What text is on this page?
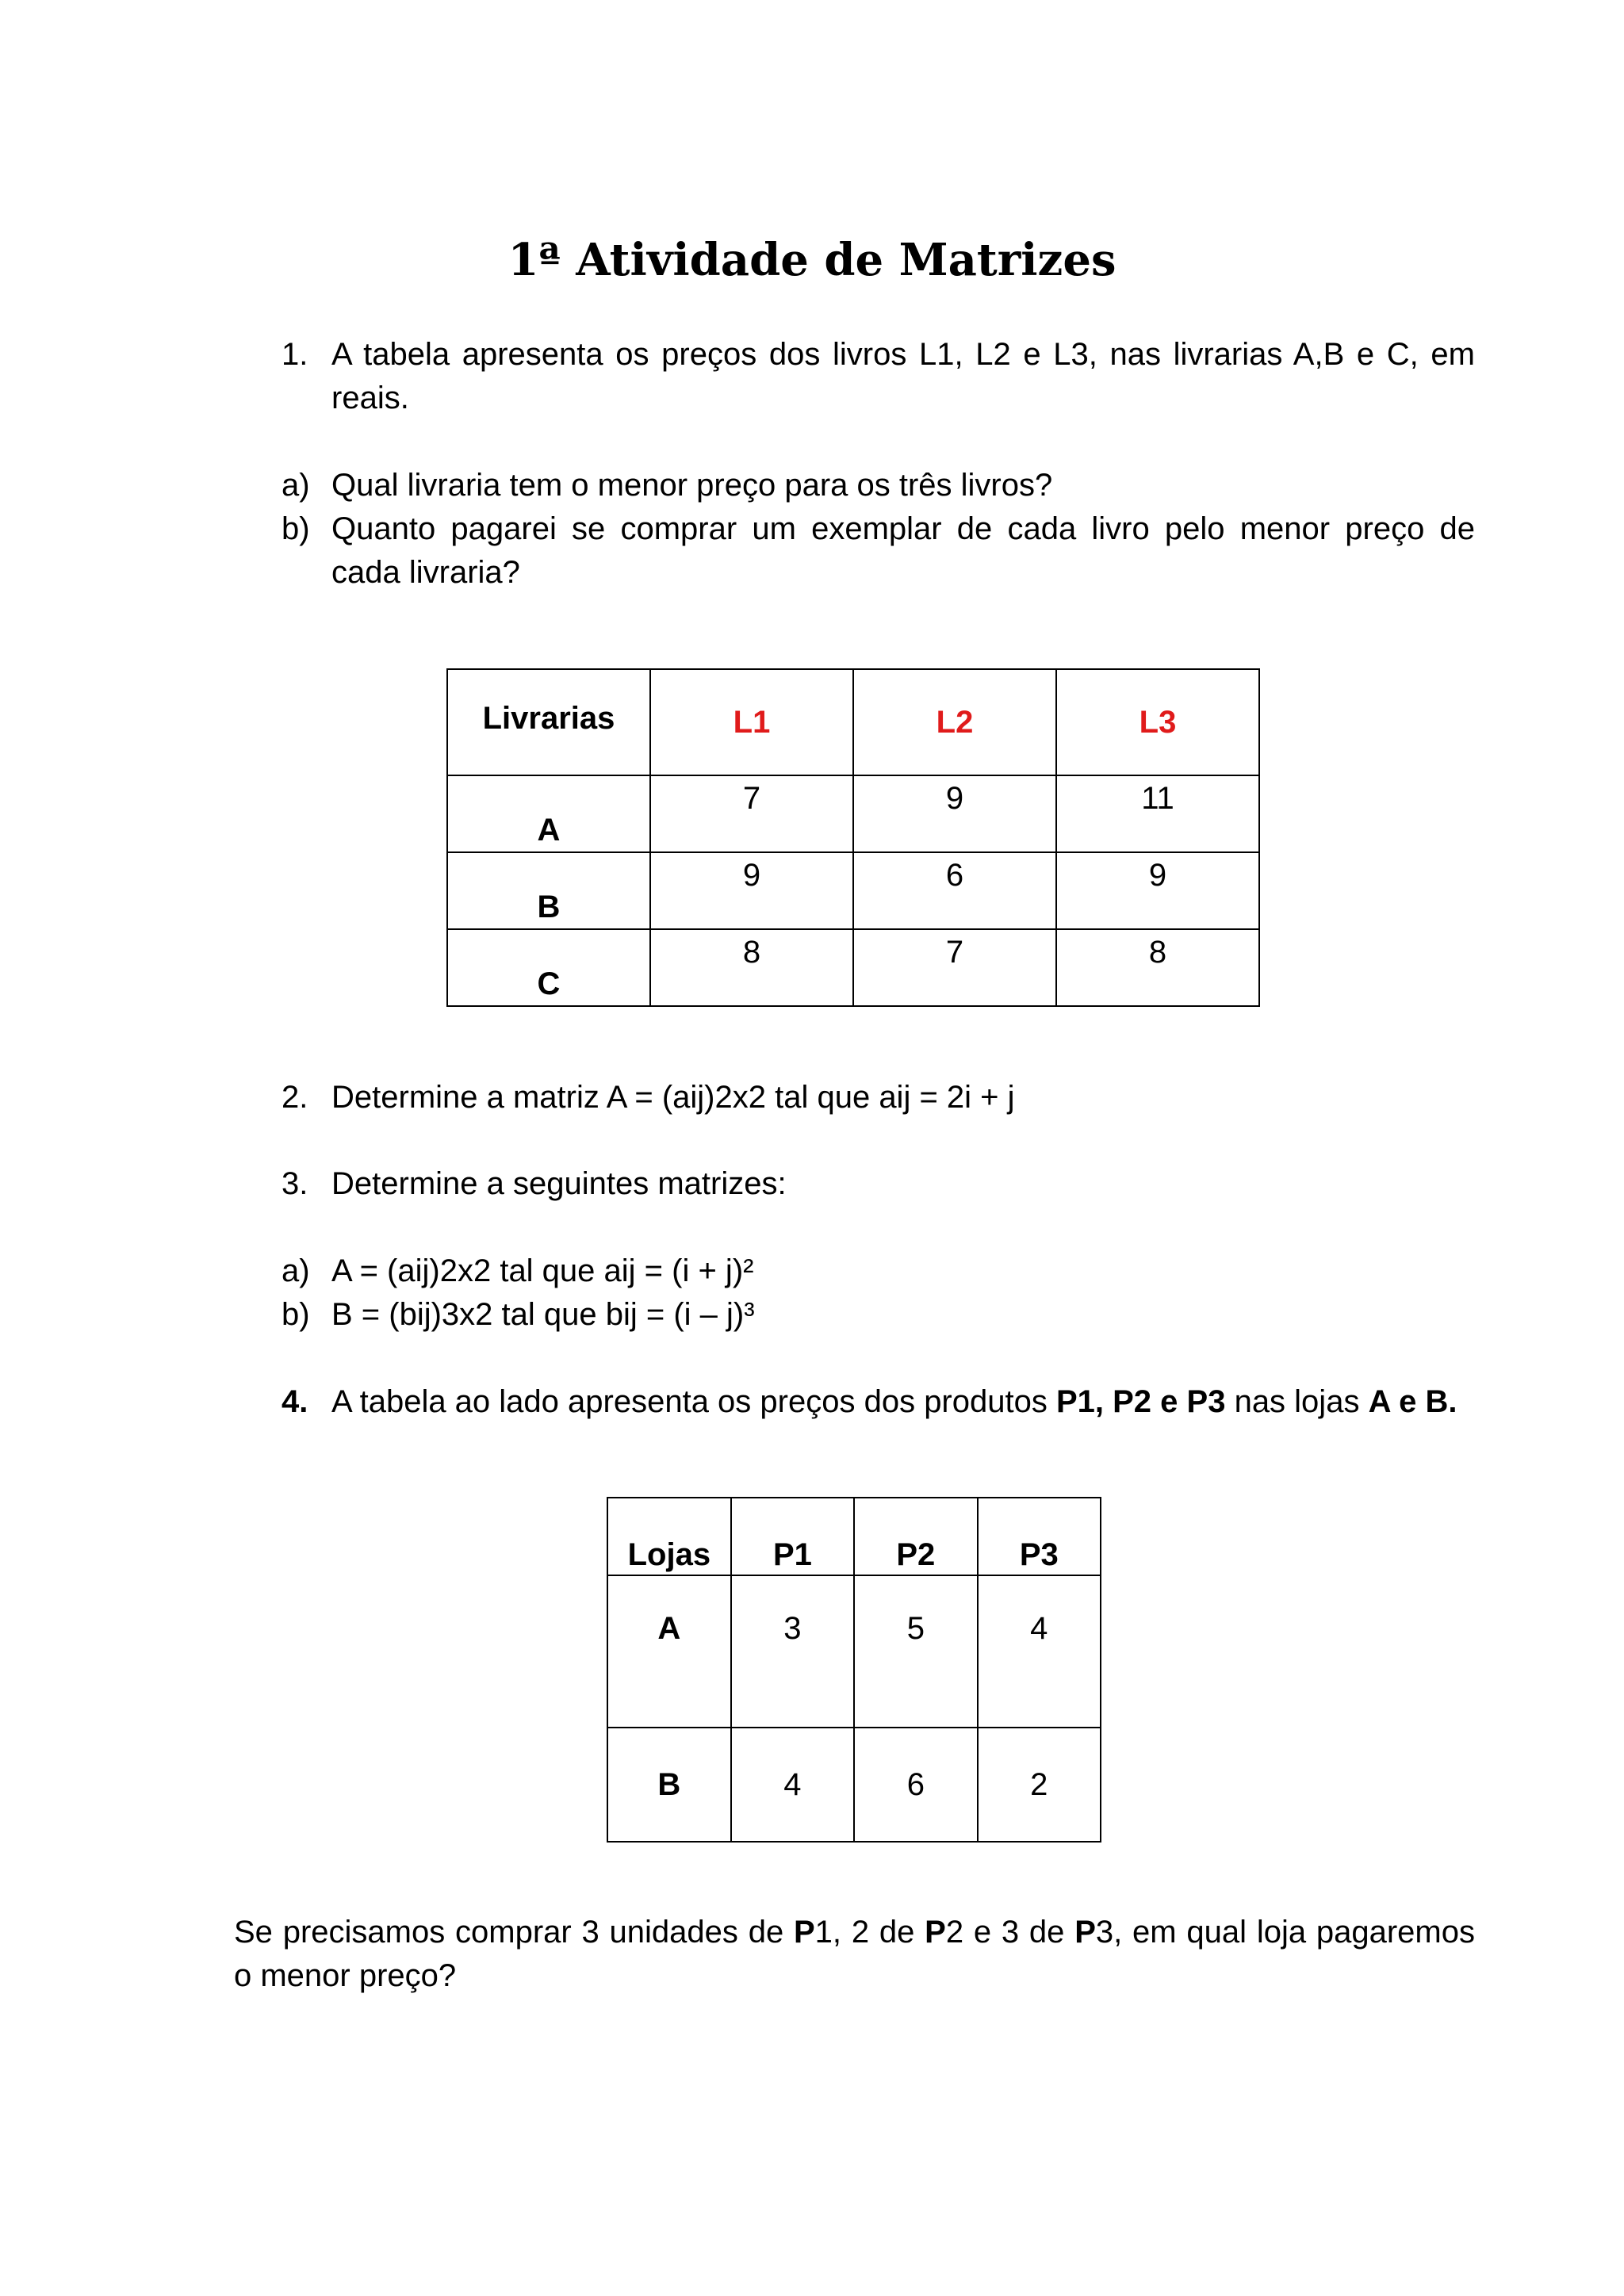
1ª Atividade de Matrizes
1. A tabela apresenta os preços dos livros L1, L2 e L3, nas livrarias A,B e C, em reais.
a) Qual livraria tem o menor preço para os três livros?
b) Quanto pagarei se comprar um exemplar de cada livro pelo menor preço de cada livraria?
Livrarias	L1	L2	L3
A	7	9	11
B	9	6	9
C	8	7	8
2. Determine a matriz A = (aij)2x2 tal que aij = 2i + j
3. Determine a seguintes matrizes:
a) A = (aij)2x2 tal que aij = (i + j)²
b) B = (bij)3x2 tal que bij = (i – j)³
4. A tabela ao lado apresenta os preços dos produtos P1, P2 e P3 nas lojas A e B.
Lojas	P1	P2	P3
A	3	5	4
B	4	6	2
Se precisamos comprar 3 unidades de P1, 2 de P2 e 3 de P3, em qual loja pagaremos o menor preço?
